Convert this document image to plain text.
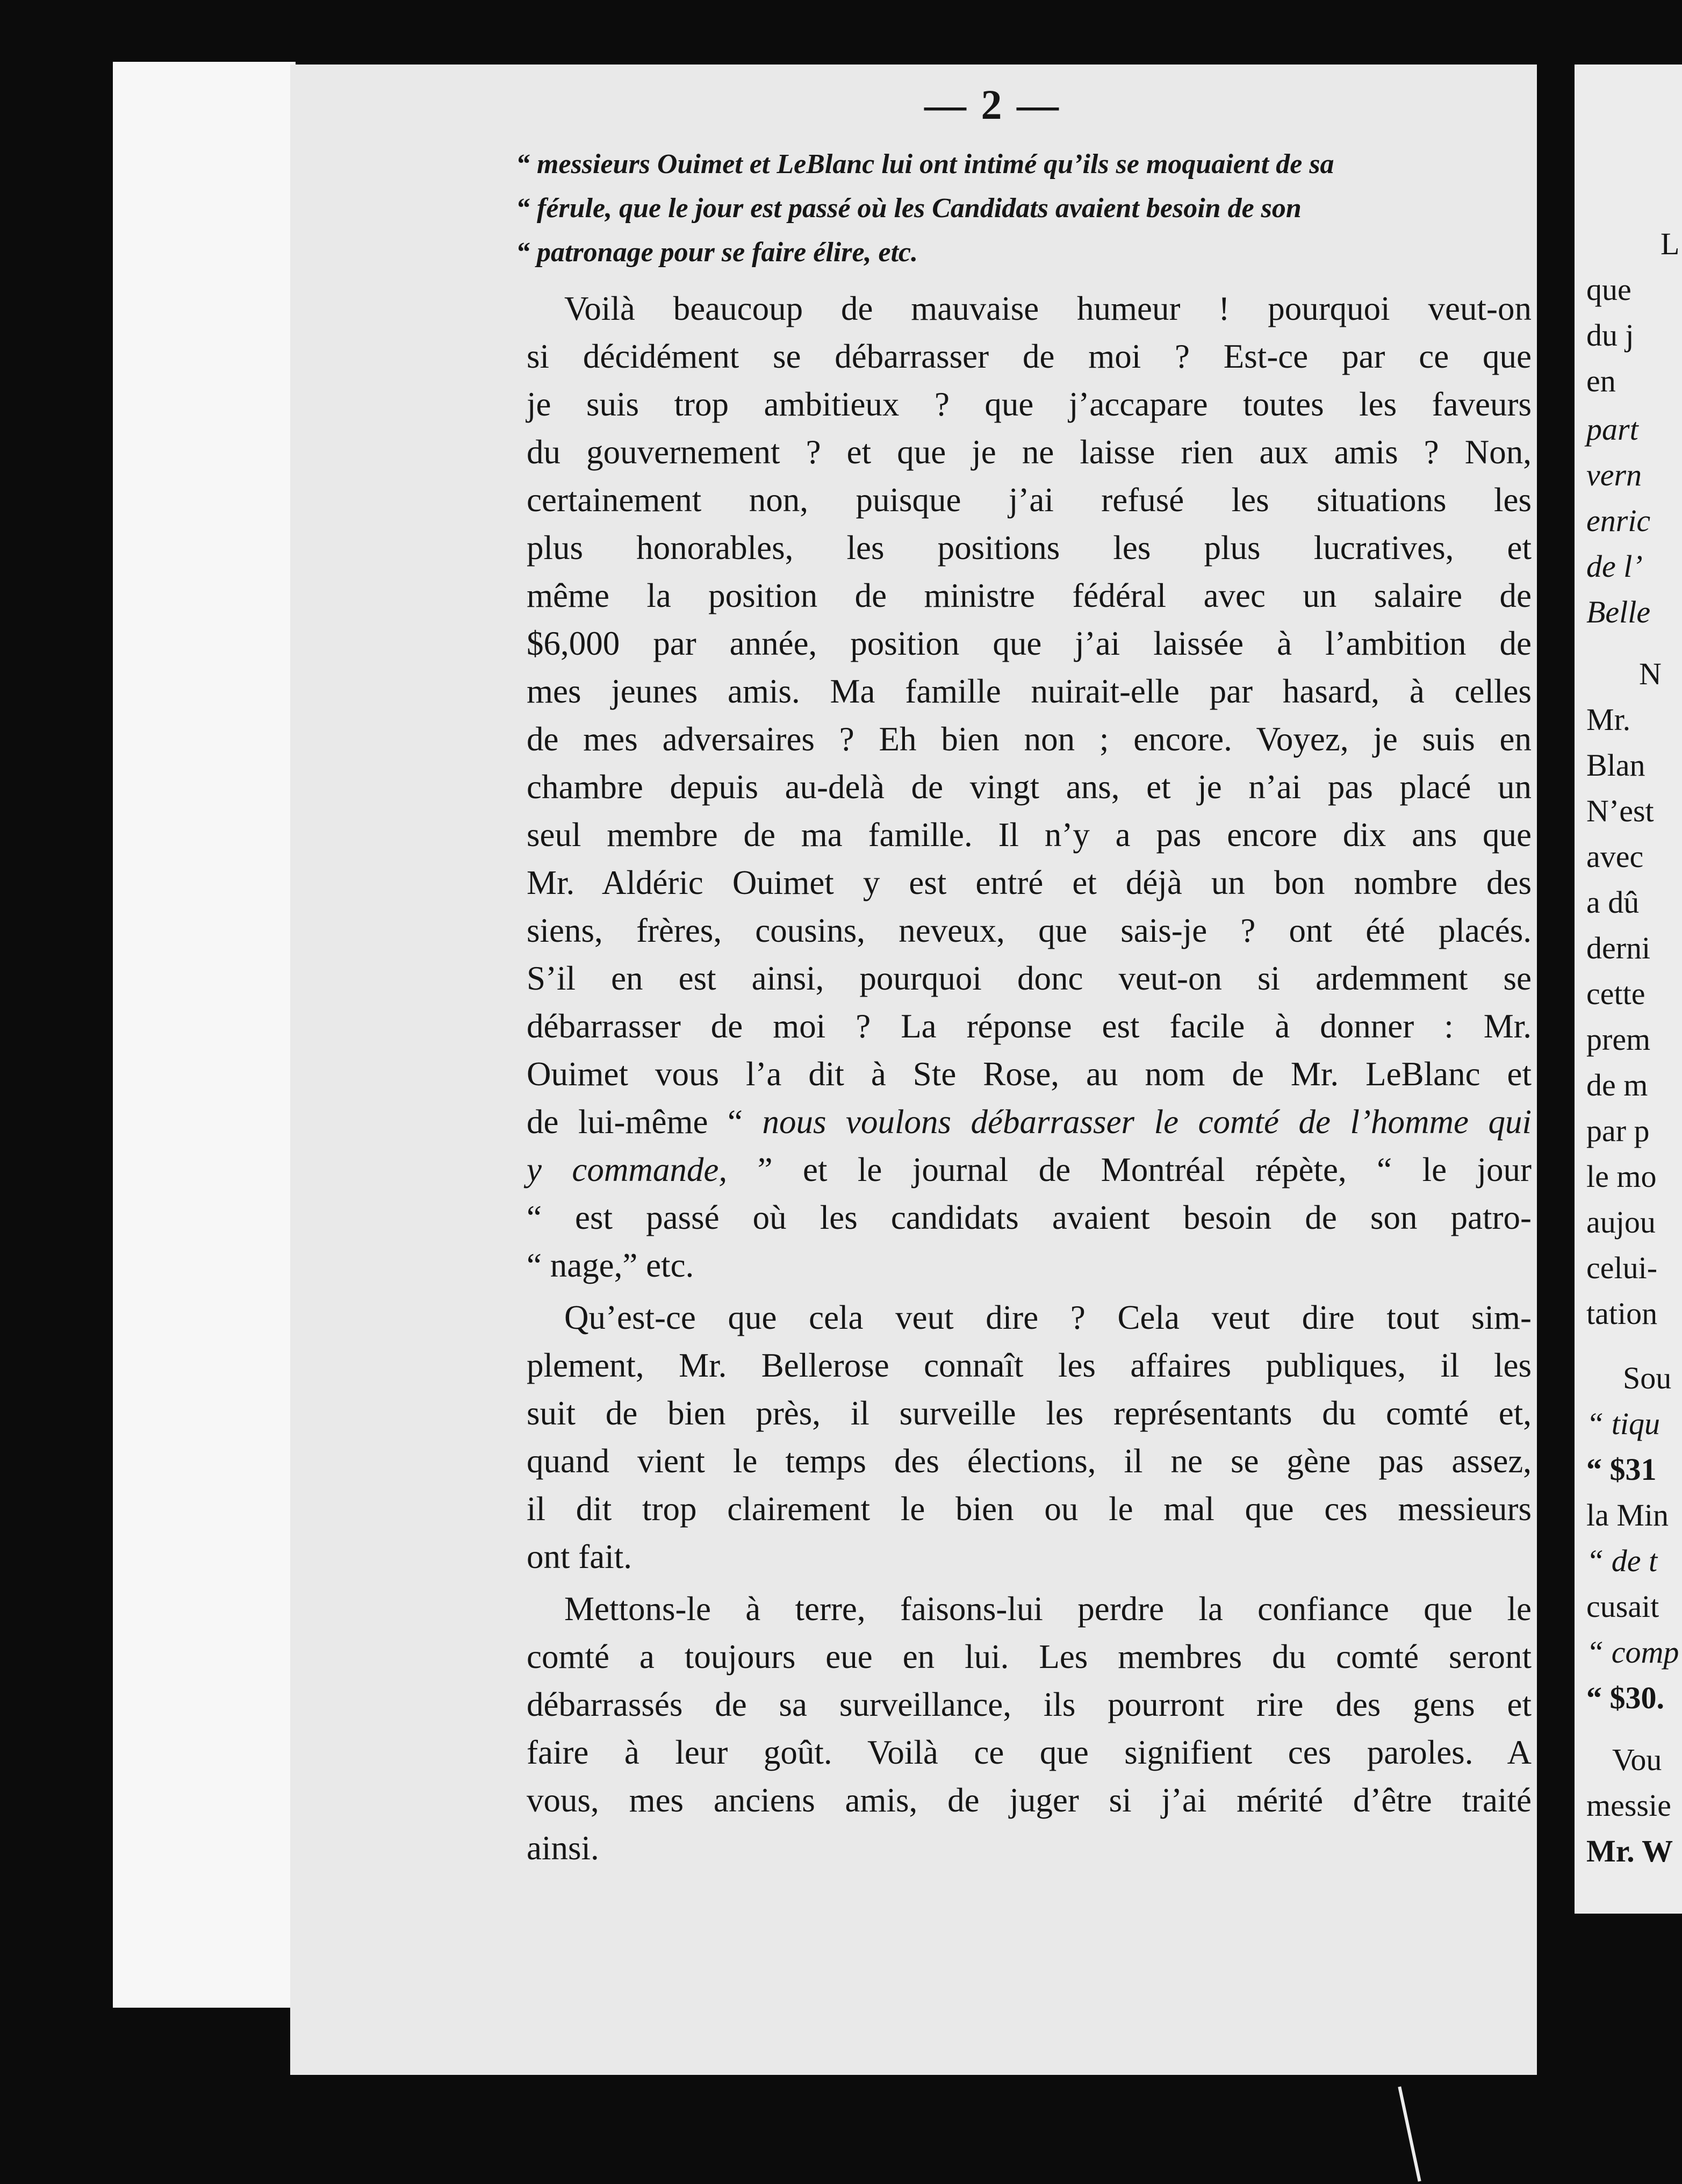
— 2 —
“ messieurs Ouimet et LeBlanc lui ont intimé qu’ils se moquaient de sa
“ férule, que le jour est passé où les Candidats avaient besoin de son
“ patronage pour se faire élire, etc.
Voilà beaucoup de mauvaise humeur ! pourquoi veut-on
si décidément se débarrasser de moi ? Est-ce par ce que
je suis trop ambitieux ? que j’accapare toutes les faveurs
du gouvernement ? et que je ne laisse rien aux amis ? Non,
certainement non, puisque j’ai refusé les situations les
plus honorables, les positions les plus lucratives, et
même la position de ministre fédéral avec un salaire de
$6,000 par année, position que j’ai laissée à l’ambition de
mes jeunes amis. Ma famille nuirait-elle par hasard, à celles
de mes adversaires ? Eh bien non ; encore. Voyez, je suis en
chambre depuis au-delà de vingt ans, et je n’ai pas placé un
seul membre de ma famille. Il n’y a pas encore dix ans que
Mr. Aldéric Ouimet y est entré et déjà un bon nombre des
siens, frères, cousins, neveux, que sais-je ? ont été placés.
S’il en est ainsi, pourquoi donc veut-on si ardemment se
débarrasser de moi ? La réponse est facile à donner : Mr.
Ouimet vous l’a dit à Ste Rose, au nom de Mr. LeBlanc et
de lui-même “ nous voulons débarrasser le comté de l’homme qui
y commande, ” et le journal de Montréal répète, “ le jour
“ est passé où les candidats avaient besoin de son patro-
“ nage,” etc.
Qu’est-ce que cela veut dire ? Cela veut dire tout sim-
plement, Mr. Bellerose connaît les affaires publiques, il les
suit de bien près, il surveille les représentants du comté et,
quand vient le temps des élections, il ne se gène pas assez,
il dit trop clairement le bien ou le mal que ces messieurs
ont fait.
Mettons-le à terre, faisons-lui perdre la confiance que le
comté a toujours eue en lui. Les membres du comté seront
débarrassés de sa surveillance, ils pourront rire des gens et
faire à leur goût. Voilà ce que signifient ces paroles. A
vous, mes anciens amis, de juger si j’ai mérité d’être traité
ainsi.
L
que
du j
en
part
vern
enric
de l’
Belle
N
Mr.
Blan
N’est
avec
a dû
derni
cette
prem
de m
par p
le mo
aujou
celui-
tation
Sou
“ tiqu
“ $31
la Min
“ de t
cusait
“ comp
“ $30.
Vou
messie
Mr. W
